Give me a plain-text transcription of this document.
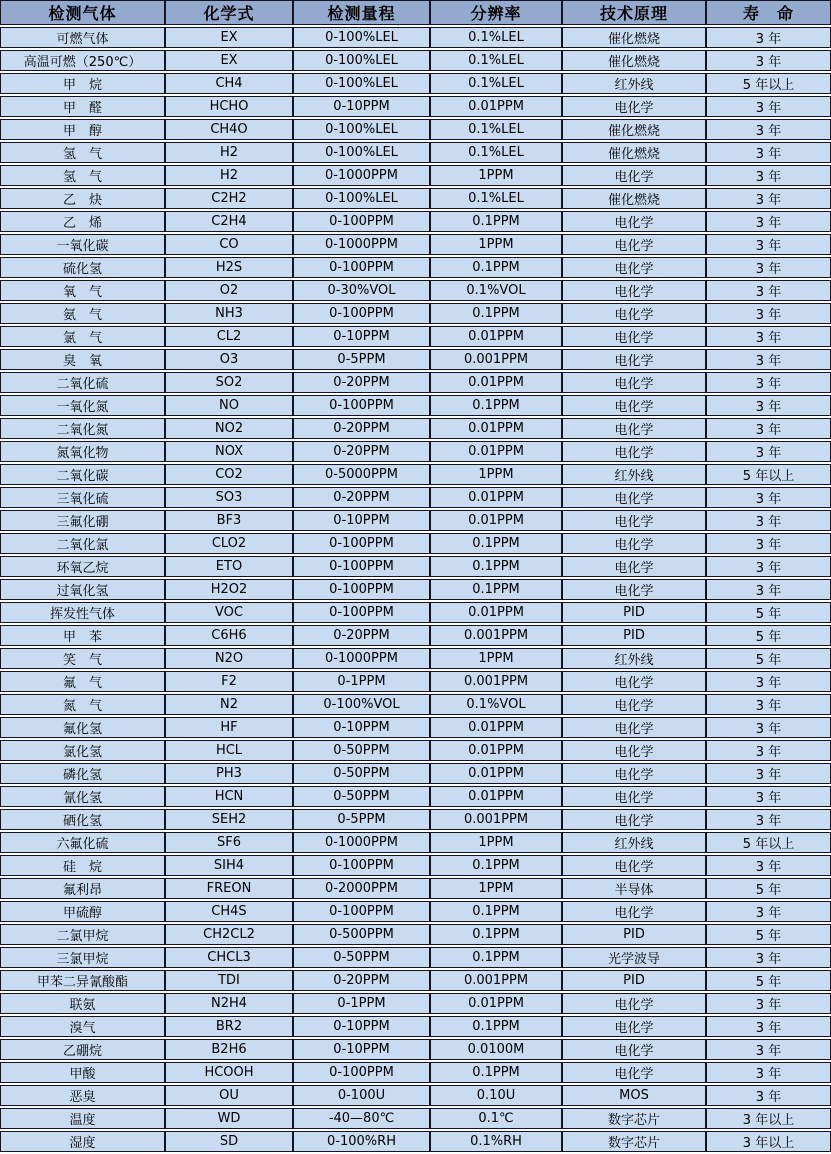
检测气体	化学式	检测量程	分辨率	技术原理	寿　命
可燃气体	EX	0-100%LEL	0.1%LEL	催化燃烧	3 年
高温可燃（250℃）	EX	0-100%LEL	0.1%LEL	催化燃烧	3 年
甲　烷	CH4	0-100%LEL	0.1%LEL	红外线	5 年以上
甲　醛	HCHO	0-10PPM	0.01PPM	电化学	3 年
甲　醇	CH4O	0-100%LEL	0.1%LEL	催化燃烧	3 年
氢　气	H2	0-100%LEL	0.1%LEL	催化燃烧	3 年
氢　气	H2	0-1000PPM	1PPM	电化学	3 年
乙　炔	C2H2	0-100%LEL	0.1%LEL	催化燃烧	3 年
乙　烯	C2H4	0-100PPM	0.1PPM	电化学	3 年
一氧化碳	CO	0-1000PPM	1PPM	电化学	3 年
硫化氢	H2S	0-100PPM	0.1PPM	电化学	3 年
氧　气	O2	0-30%VOL	0.1%VOL	电化学	3 年
氨　气	NH3	0-100PPM	0.1PPM	电化学	3 年
氯　气	CL2	0-10PPM	0.01PPM	电化学	3 年
臭　氧	O3	0-5PPM	0.001PPM	电化学	3 年
二氧化硫	SO2	0-20PPM	0.01PPM	电化学	3 年
一氧化氮	NO	0-100PPM	0.1PPM	电化学	3 年
二氧化氮	NO2	0-20PPM	0.01PPM	电化学	3 年
氮氧化物	NOX	0-20PPM	0.01PPM	电化学	3 年
二氧化碳	CO2	0-5000PPM	1PPM	红外线	5 年以上
三氧化硫	SO3	0-20PPM	0.01PPM	电化学	3 年
三氟化硼	BF3	0-10PPM	0.01PPM	电化学	3 年
二氧化氯	CLO2	0-100PPM	0.1PPM	电化学	3 年
环氧乙烷	ETO	0-100PPM	0.1PPM	电化学	3 年
过氧化氢	H2O2	0-100PPM	0.1PPM	电化学	3 年
挥发性气体	VOC	0-100PPM	0.01PPM	PID	5 年
甲　苯	C6H6	0-20PPM	0.001PPM	PID	5 年
笑　气	N2O	0-1000PPM	1PPM	红外线	5 年
氟　气	F2	0-1PPM	0.001PPM	电化学	3 年
氮　气	N2	0-100%VOL	0.1%VOL	电化学	3 年
氟化氢	HF	0-10PPM	0.01PPM	电化学	3 年
氯化氢	HCL	0-50PPM	0.01PPM	电化学	3 年
磷化氢	PH3	0-50PPM	0.01PPM	电化学	3 年
氰化氢	HCN	0-50PPM	0.01PPM	电化学	3 年
硒化氢	SEH2	0-5PPM	0.001PPM	电化学	3 年
六氟化硫	SF6	0-1000PPM	1PPM	红外线	5 年以上
硅　烷	SIH4	0-100PPM	0.1PPM	电化学	3 年
氟利昂	FREON	0-2000PPM	1PPM	半导体	5 年
甲硫醇	CH4S	0-100PPM	0.1PPM	电化学	3 年
二氯甲烷	CH2CL2	0-500PPM	0.1PPM	PID	5 年
三氯甲烷	CHCL3	0-50PPM	0.1PPM	光学波导	3 年
甲苯二异氰酸酯	TDI	0-20PPM	0.001PPM	PID	5 年
联氨	N2H4	0-1PPM	0.01PPM	电化学	3 年
溴气	BR2	0-10PPM	0.1PPM	电化学	3 年
乙硼烷	B2H6	0-10PPM	0.0100M	电化学	3 年
甲酸	HCOOH	0-100PPM	0.1PPM	电化学	3 年
恶臭	OU	0-100U	0.10U	MOS	3 年
温度	WD	-40—80℃	0.1℃	数字芯片	3 年以上
湿度	SD	0-100%RH	0.1%RH	数字芯片	3 年以上
